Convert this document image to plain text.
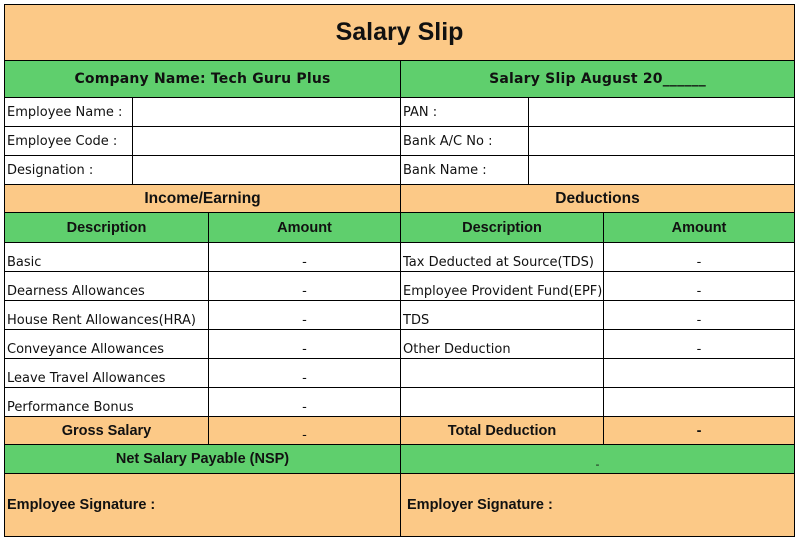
Salary Slip
Company Name: Tech Guru Plus	Salary Slip August 20______
Employee Name :	PAN :
Employee Code :	Bank A/C No :
Designation :	Bank Name :
Income/Earning	Deductions
Description	Amount	Description	Amount
Basic	-	Tax Deducted at Source(TDS)	-
Dearness Allowances	-	Employee Provident Fund(EPF)	-
House Rent Allowances(HRA)	-	TDS	-
Conveyance Allowances	-	Other Deduction	-
Leave Travel Allowances	-
Performance Bonus	-
Gross Salary	-	Total Deduction	-
Net Salary Payable (NSP)	-
Employee Signature :	Employer Signature :
